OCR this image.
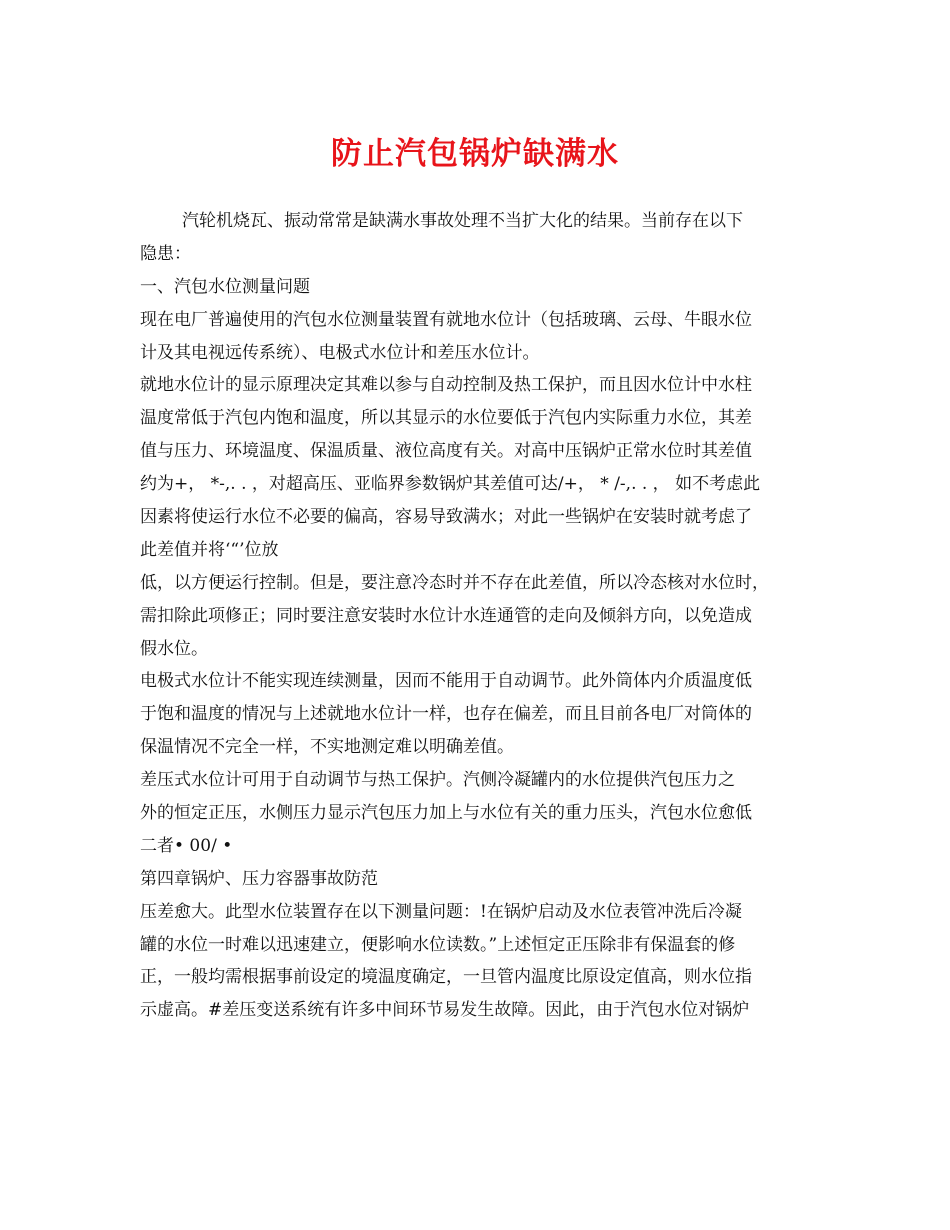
防止汽包锅炉缺满水
汽轮机烧瓦、振动常常是缺满水事故处理不当扩大化的结果。当前存在以下
隐患：
一、汽包水位测量问题
现在电厂普遍使用的汽包水位测量装置有就地水位计（包括玻璃、云母、牛眼水位
计及其电视远传系统）、电极式水位计和差压水位计。
就地水位计的显示原理决定其难以参与自动控制及热工保护，而且因水位计中水柱
温度常低于汽包内饱和温度，所以其显示的水位要低于汽包内实际重力水位，其差
值与压力、环境温度、保温质量、液位高度有关。对高中压锅炉正常水位时其差值
约为+， *-,. . ，对超高压、亚临界参数锅炉其差值可达/+， * /-,. . ， 如不考虑此
因素将使运行水位不必要的偏高，容易导致满水；对此一些锅炉在安装时就考虑了
此差值并将‘“’位放
低，以方便运行控制。但是，要注意冷态时并不存在此差值，所以冷态核对水位时，
需扣除此项修正；同时要注意安装时水位计水连通管的走向及倾斜方向，以免造成
假水位。
电极式水位计不能实现连续测量，因而不能用于自动调节。此外筒体内介质温度低
于饱和温度的情况与上述就地水位计一样，也存在偏差，而且目前各电厂对筒体的
保温情况不完全一样，不实地测定难以明确差值。
差压式水位计可用于自动调节与热工保护。汽侧冷凝罐内的水位提供汽包压力之
外的恒定正压，水侧压力显示汽包压力加上与水位有关的重力压头，汽包水位愈低
二者• 00/ •
第四章锅炉、压力容器事故防范
压差愈大。此型水位装置存在以下测量问题：!在锅炉启动及水位表管冲洗后冷凝
罐的水位一时难以迅速建立，便影响水位读数。”上述恒定正压除非有保温套的修
正，一般均需根据事前设定的境温度确定，一旦管内温度比原设定值高，则水位指
示虚高。#差压变送系统有许多中间环节易发生故障。因此，由于汽包水位对锅炉
